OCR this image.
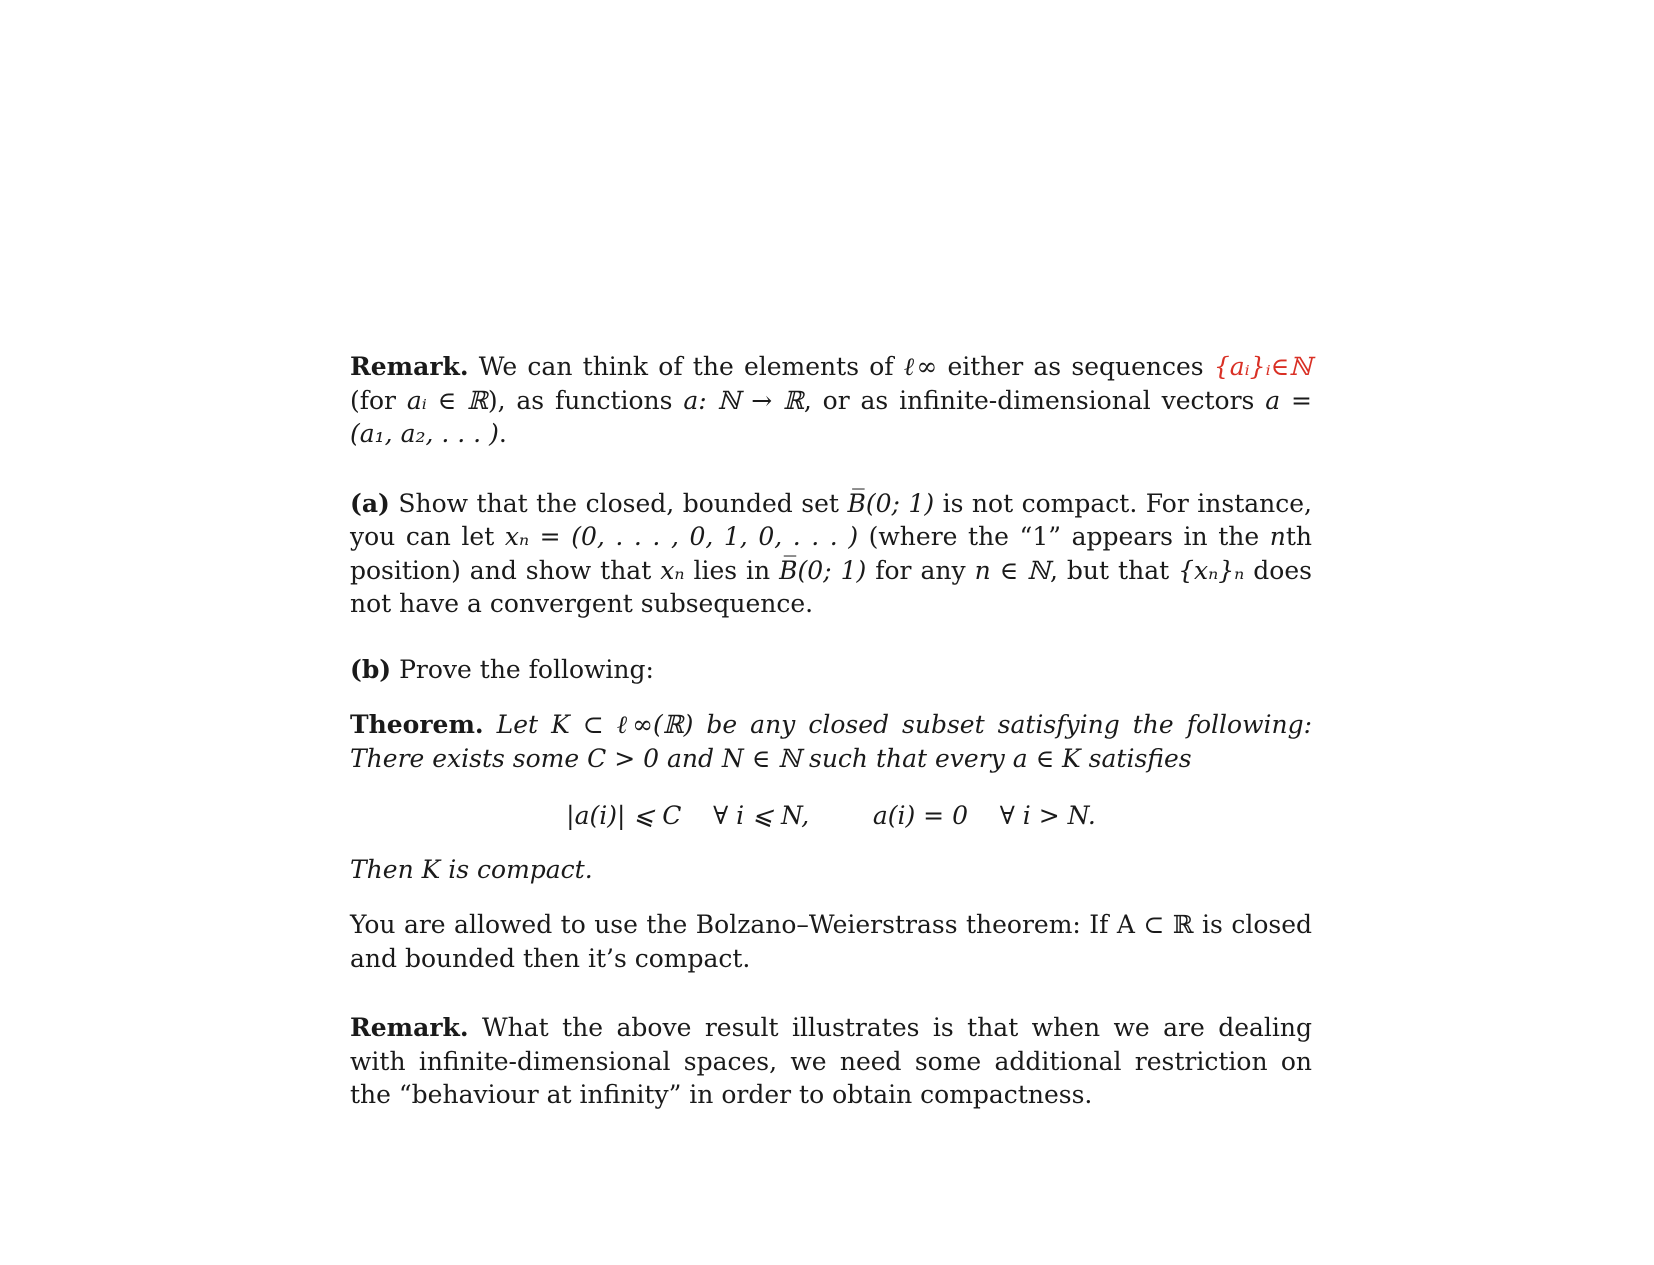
Remark. We can think of the elements of ℓ∞ either as sequences {aᵢ}ᵢ∈ℕ (for aᵢ ∈ ℝ), as functions a: ℕ → ℝ, or as infinite-dimensional vectors a = (a₁, a₂, . . . ).

(a) Show that the closed, bounded set B̅(0; 1) is not compact. For instance, you can let xₙ = (0, . . . , 0, 1, 0, . . . ) (where the “1” appears in the nth position) and show that xₙ lies in B̅(0; 1) for any n ∈ ℕ, but that {xₙ}ₙ does not have a convergent subsequence.

(b) Prove the following:

Theorem. Let K ⊂ ℓ∞(ℝ) be any closed subset satisfying the following: There exists some C > 0 and N ∈ ℕ such that every a ∈ K satisfies

|a(i)| ⩽ C    ∀ i ⩽ N,        a(i) = 0    ∀ i > N.

Then K is compact.

You are allowed to use the Bolzano–Weierstrass theorem: If A ⊂ ℝ is closed and bounded then it’s compact.

Remark. What the above result illustrates is that when we are dealing with infinite-dimensional spaces, we need some additional restriction on the “behaviour at infinity” in order to obtain compactness.
